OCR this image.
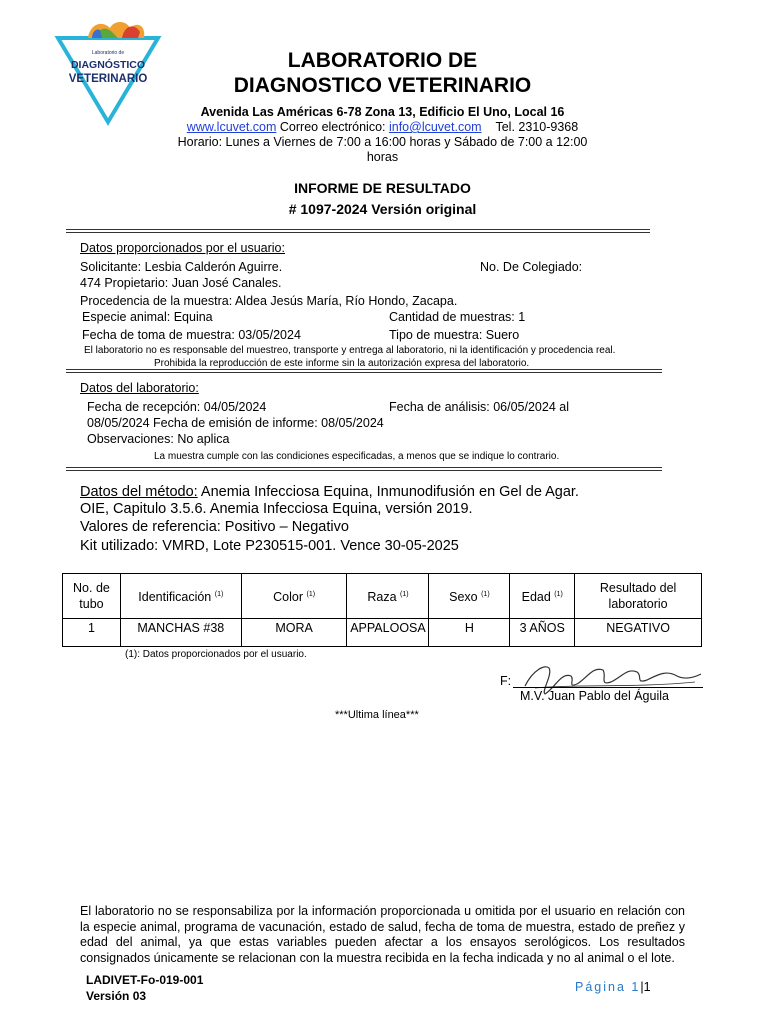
Laboratorio de
DIAGNÓSTICO
VETERINARIO
LABORATORIO DE
DIAGNOSTICO VETERINARIO
Avenida Las Américas 6-78 Zona 13, Edificio El Uno, Local 16
www.lcuvet.com Correo electrónico: info@lcuvet.com Tel. 2310-9368
Horario: Lunes a Viernes de 7:00 a 16:00 horas y Sábado de 7:00 a 12:00
horas
INFORME DE RESULTADO
# 1097-2024 Versión original
Datos proporcionados por el usuario:
Solicitante: Lesbia Calderón Aguirre.	No. De Colegiado:
474 Propietario: Juan José Canales.
Procedencia de la muestra: Aldea Jesús María, Río Hondo, Zacapa.
Especie animal: Equina	Cantidad de muestras: 1
Fecha de toma de muestra: 03/05/2024	Tipo de muestra: Suero
El laboratorio no es responsable del muestreo, transporte y entrega al laboratorio, ni la identificación y procedencia real.
Prohibida la reproducción de este informe sin la autorización expresa del laboratorio.
Datos del laboratorio:
Fecha de recepción: 04/05/2024	Fecha de análisis: 06/05/2024 al
08/05/2024 Fecha de emisión de informe: 08/05/2024
Observaciones: No aplica
La muestra cumple con las condiciones especificadas, a menos que se indique lo contrario.
Datos del método: Anemia Infecciosa Equina, Inmunodifusión en Gel de Agar.
OIE, Capitulo 3.5.6. Anemia Infecciosa Equina, versión 2019.
Valores de referencia: Positivo – Negativo
Kit utilizado: VMRD, Lote P230515-001. Vence 30-05-2025
No. de
tubo	Identificación $^{(1)}$	Color $^{(1)}$	Raza $^{(1)}$	Sexo $^{(1)}$	Edad $^{(1)}$	Resultado del
laboratorio
1	MANCHAS #38	MORA	APPALOOSA	H	3 AÑOS	NEGATIVO
(1): Datos proporcionados por el usuario.
F:
M.V. Juan Pablo del Águila
***Ultima línea***
El laboratorio no se responsabiliza por la información proporcionada u omitida por el usuario en relación con la especie animal, programa de vacunación, estado de salud, fecha de toma de muestra, estado de preñez y edad del animal, ya que estas variables pueden afectar a los ensayos serológicos. Los resultados consignados únicamente se relacionan con la muestra recibida en la fecha indicada y no al animal o el lote.
LADIVET-Fo-019-001
Versión 03
Página 1|1
